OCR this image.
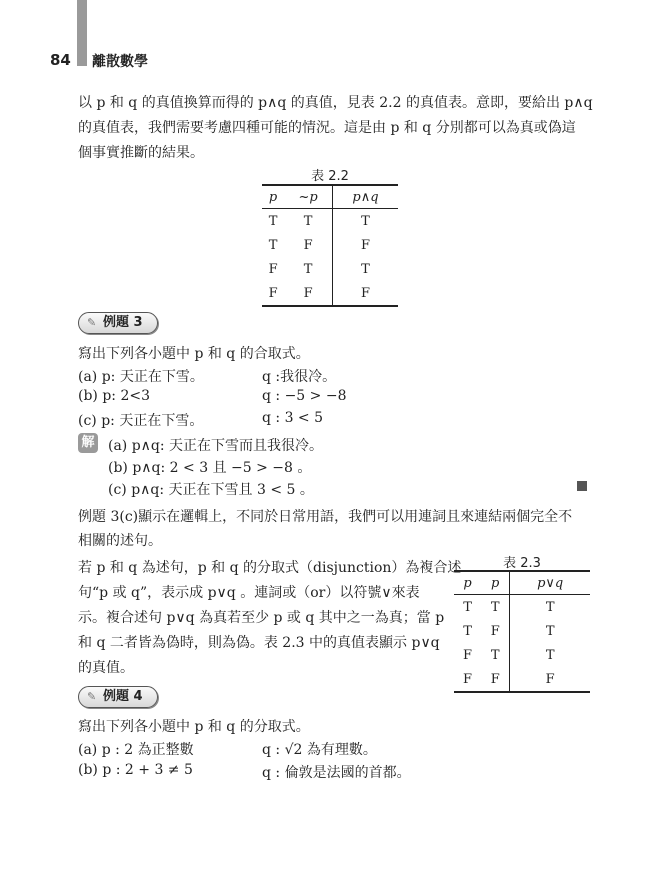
84 離散數學
以 p 和 q 的真值換算而得的 p∧q 的真值，見表 2.2 的真值表。意即，要給出 p∧q
的真值表，我們需要考慮四種可能的情況。這是由 p 和 q 分別都可以為真或偽這
個事實推斷的結果。
表 2.2
p	~p	p∧q
T	T	T
T	F	F
F	T	T
F	F	F
✎ 例題 3
寫出下列各小題中 p 和 q 的合取式。
(a) p: 天正在下雪。	q :我很冷。
(b) p: 2<3	q : −5 > −8
(c) p: 天正在下雪。	q : 3 < 5
解 (a) p∧q: 天正在下雪而且我很冷。
(b) p∧q: 2 < 3 且 −5 > −8 。
(c) p∧q: 天正在下雪且 3 < 5 。
例題 3(c)顯示在邏輯上，不同於日常用語，我們可以用連詞且來連結兩個完全不
相關的述句。
若 p 和 q 為述句，p 和 q 的分取式（disjunction）為複合述
句“p 或 q”，表示成 p∨q 。連詞或（or）以符號∨來表
示。複合述句 p∨q 為真若至少 p 或 q 其中之一為真；當 p
和 q 二者皆為偽時，則為偽。表 2.3 中的真值表顯示 p∨q
的真值。
表 2.3
p	p	p∨q
T	T	T
T	F	T
F	T	T
F	F	F
✎ 例題 4
寫出下列各小題中 p 和 q 的分取式。
(a) p : 2 為正整數	q : √2 為有理數。
(b) p : 2 + 3 ≠ 5	q : 倫敦是法國的首都。
